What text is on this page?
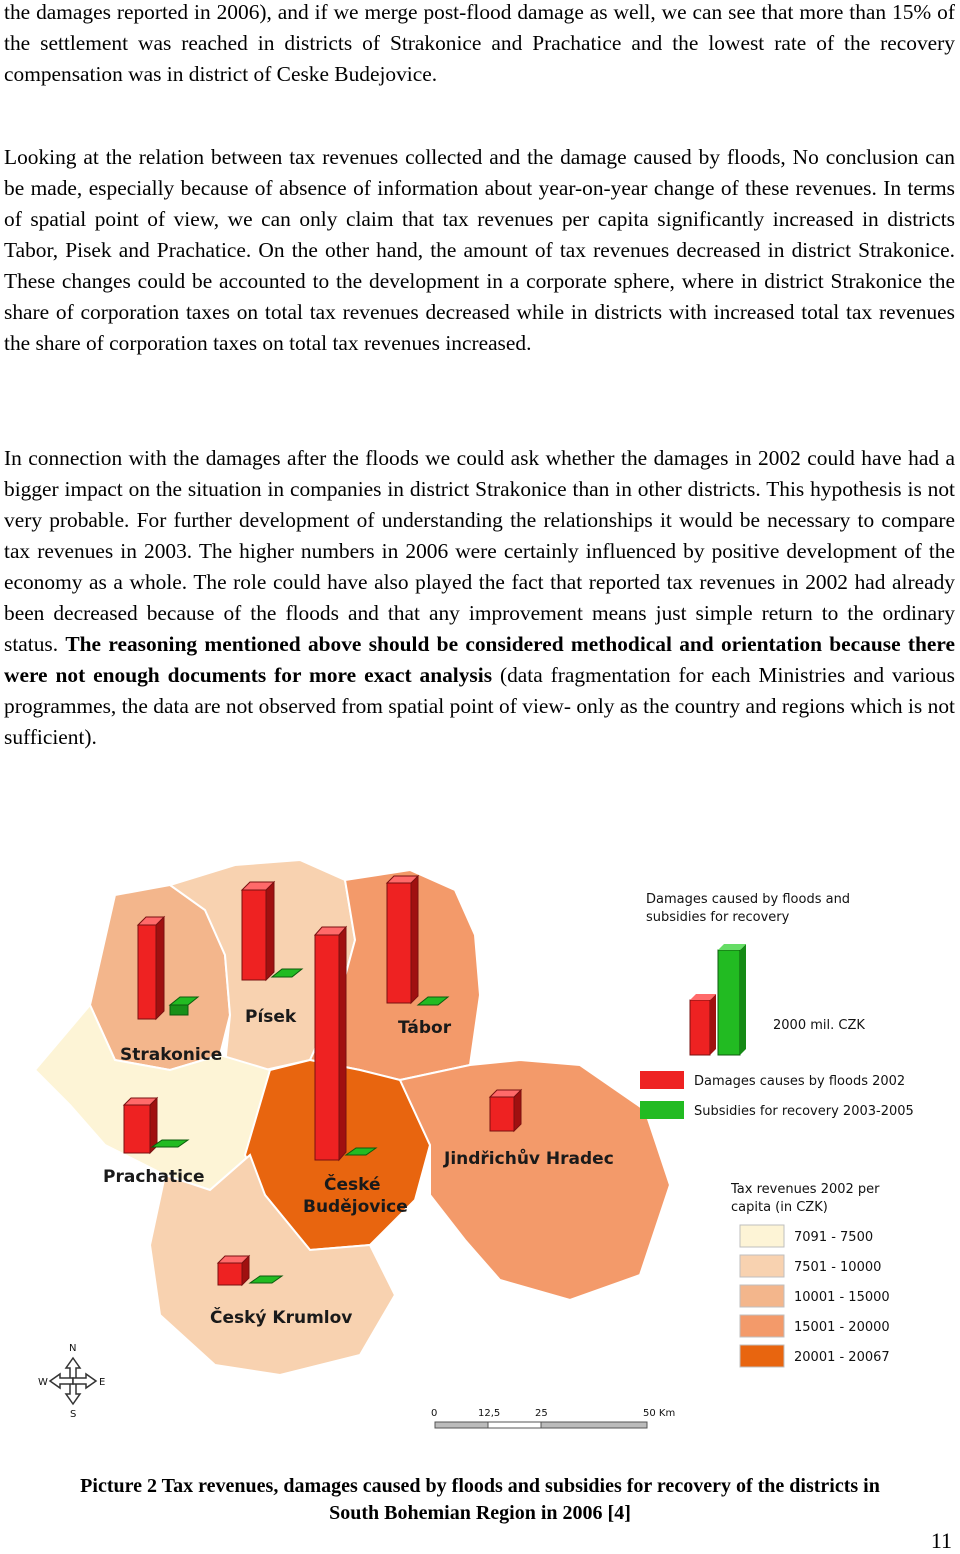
the damages reported in 2006), and if we merge post-flood damage as well, we can see that more than 15% of the settlement was reached in districts of Strakonice and Prachatice and the lowest rate of the recovery compensation was in district of Ceske Budejovice.

Looking at the relation between tax revenues collected and the damage caused by floods, No conclusion can be made, especially because of absence of information about year-on-year change of these revenues. In terms of spatial point of view, we can only claim that tax revenues per capita significantly increased in districts Tabor, Pisek and Prachatice. On the other hand, the amount of tax revenues decreased in district Strakonice. These changes could be accounted to the development in a corporate sphere, where in district Strakonice the share of corporation taxes on total tax revenues decreased while in districts with increased total tax revenues the share of corporation taxes on total tax revenues increased.

In connection with the damages after the floods we could ask whether the damages in 2002 could have had a bigger impact on the situation in companies in district Strakonice than in other districts. This hypothesis is not very probable. For further development of understanding the relationships it would be necessary to compare tax revenues in 2003. The higher numbers in 2006 were certainly influenced by positive development of the economy as a whole. The role could have also played the fact that reported tax revenues in 2002 had already been decreased because of the floods and that any improvement means just simple return to the ordinary status. The reasoning mentioned above should be considered methodical and orientation because there were not enough documents for more exact analysis (data fragmentation for each Ministries and various programmes, the data are not observed from spatial point of view- only as the country and regions which is not sufficient).

Strakonice
Písek
Tábor
Prachatice	České
Budějovice
Jindřichův Hradec
Český Krumlov
Damages caused by floods and
subsidies for recovery
2000 mil. CZK
Damages causes by floods 2002
Subsidies for recovery 2003-2005
Tax revenues 2002 per
capita (in CZK)
7091 - 7500
7501 - 10000
10001 - 15000
15001 - 20000
20001 - 20067
N
S
E
W
0	12,5	25	50 Km
Picture 2 Tax revenues, damages caused by floods and subsidies for recovery of the districts in
South Bohemian Region in 2006 [4]
11
